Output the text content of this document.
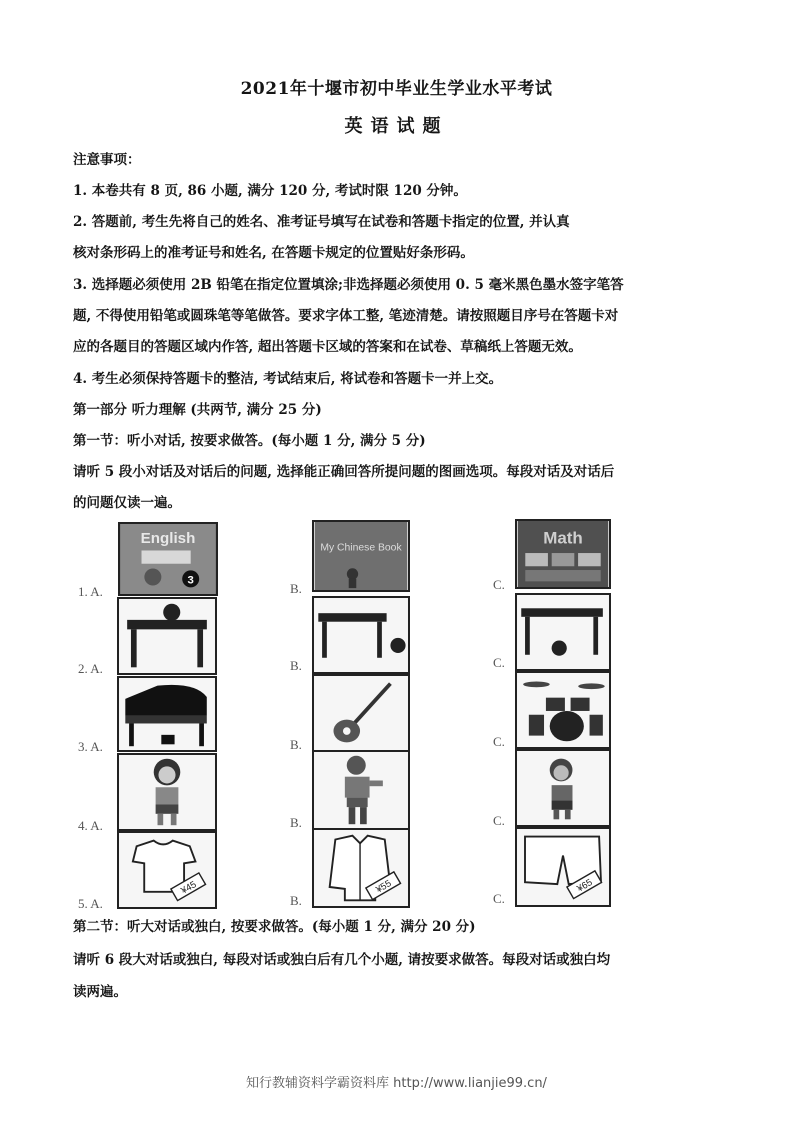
2021年十堰市初中毕业生学业水平考试
英语试题
注意事项：
1. 本卷共有 8 页, 86 小题, 满分 120 分, 考试时限 120 分钟。
2. 答题前, 考生先将自己的姓名、准考证号填写在试卷和答题卡指定的位置, 并认真
核对条形码上的准考证号和姓名, 在答题卡规定的位置贴好条形码。
3. 选择题必须使用 2B 铅笔在指定位置填涂;非选择题必须使用 0. 5 毫米黑色墨水签字笔答
题, 不得使用铅笔或圆珠笔等笔做答。要求字体工整, 笔迹清楚。请按照题目序号在答题卡对
应的各题目的答题区域内作答, 超出答题卡区域的答案和在试卷、草稿纸上答题无效。
4. 考生必须保持答题卡的整洁, 考试结束后, 将试卷和答题卡一并上交。
第一部分 听力理解 (共两节, 满分 25 分)
第一节：听小对话, 按要求做答。(每小题 1 分, 满分 5 分)
请听 5 段小对话及对话后的问题, 选择能正确回答所提问题的图画选项。每段对话及对话后
的问题仅读一遍。
1. A.	B.	C.
English
3
My Chinese Book
Math
2. A.	B.	C.
3. A.	B.	C.
4. A.	B.	C.
5. A.	B.	C.
¥45	¥55	¥65
第二节：听大对话或独白, 按要求做答。(每小题 1 分, 满分 20 分)
请听 6 段大对话或独白, 每段对话或独白后有几个小题, 请按要求做答。每段对话或独白均
读两遍。
知行教辅资料学霸资料库 http://www.lianjie99.cn/
